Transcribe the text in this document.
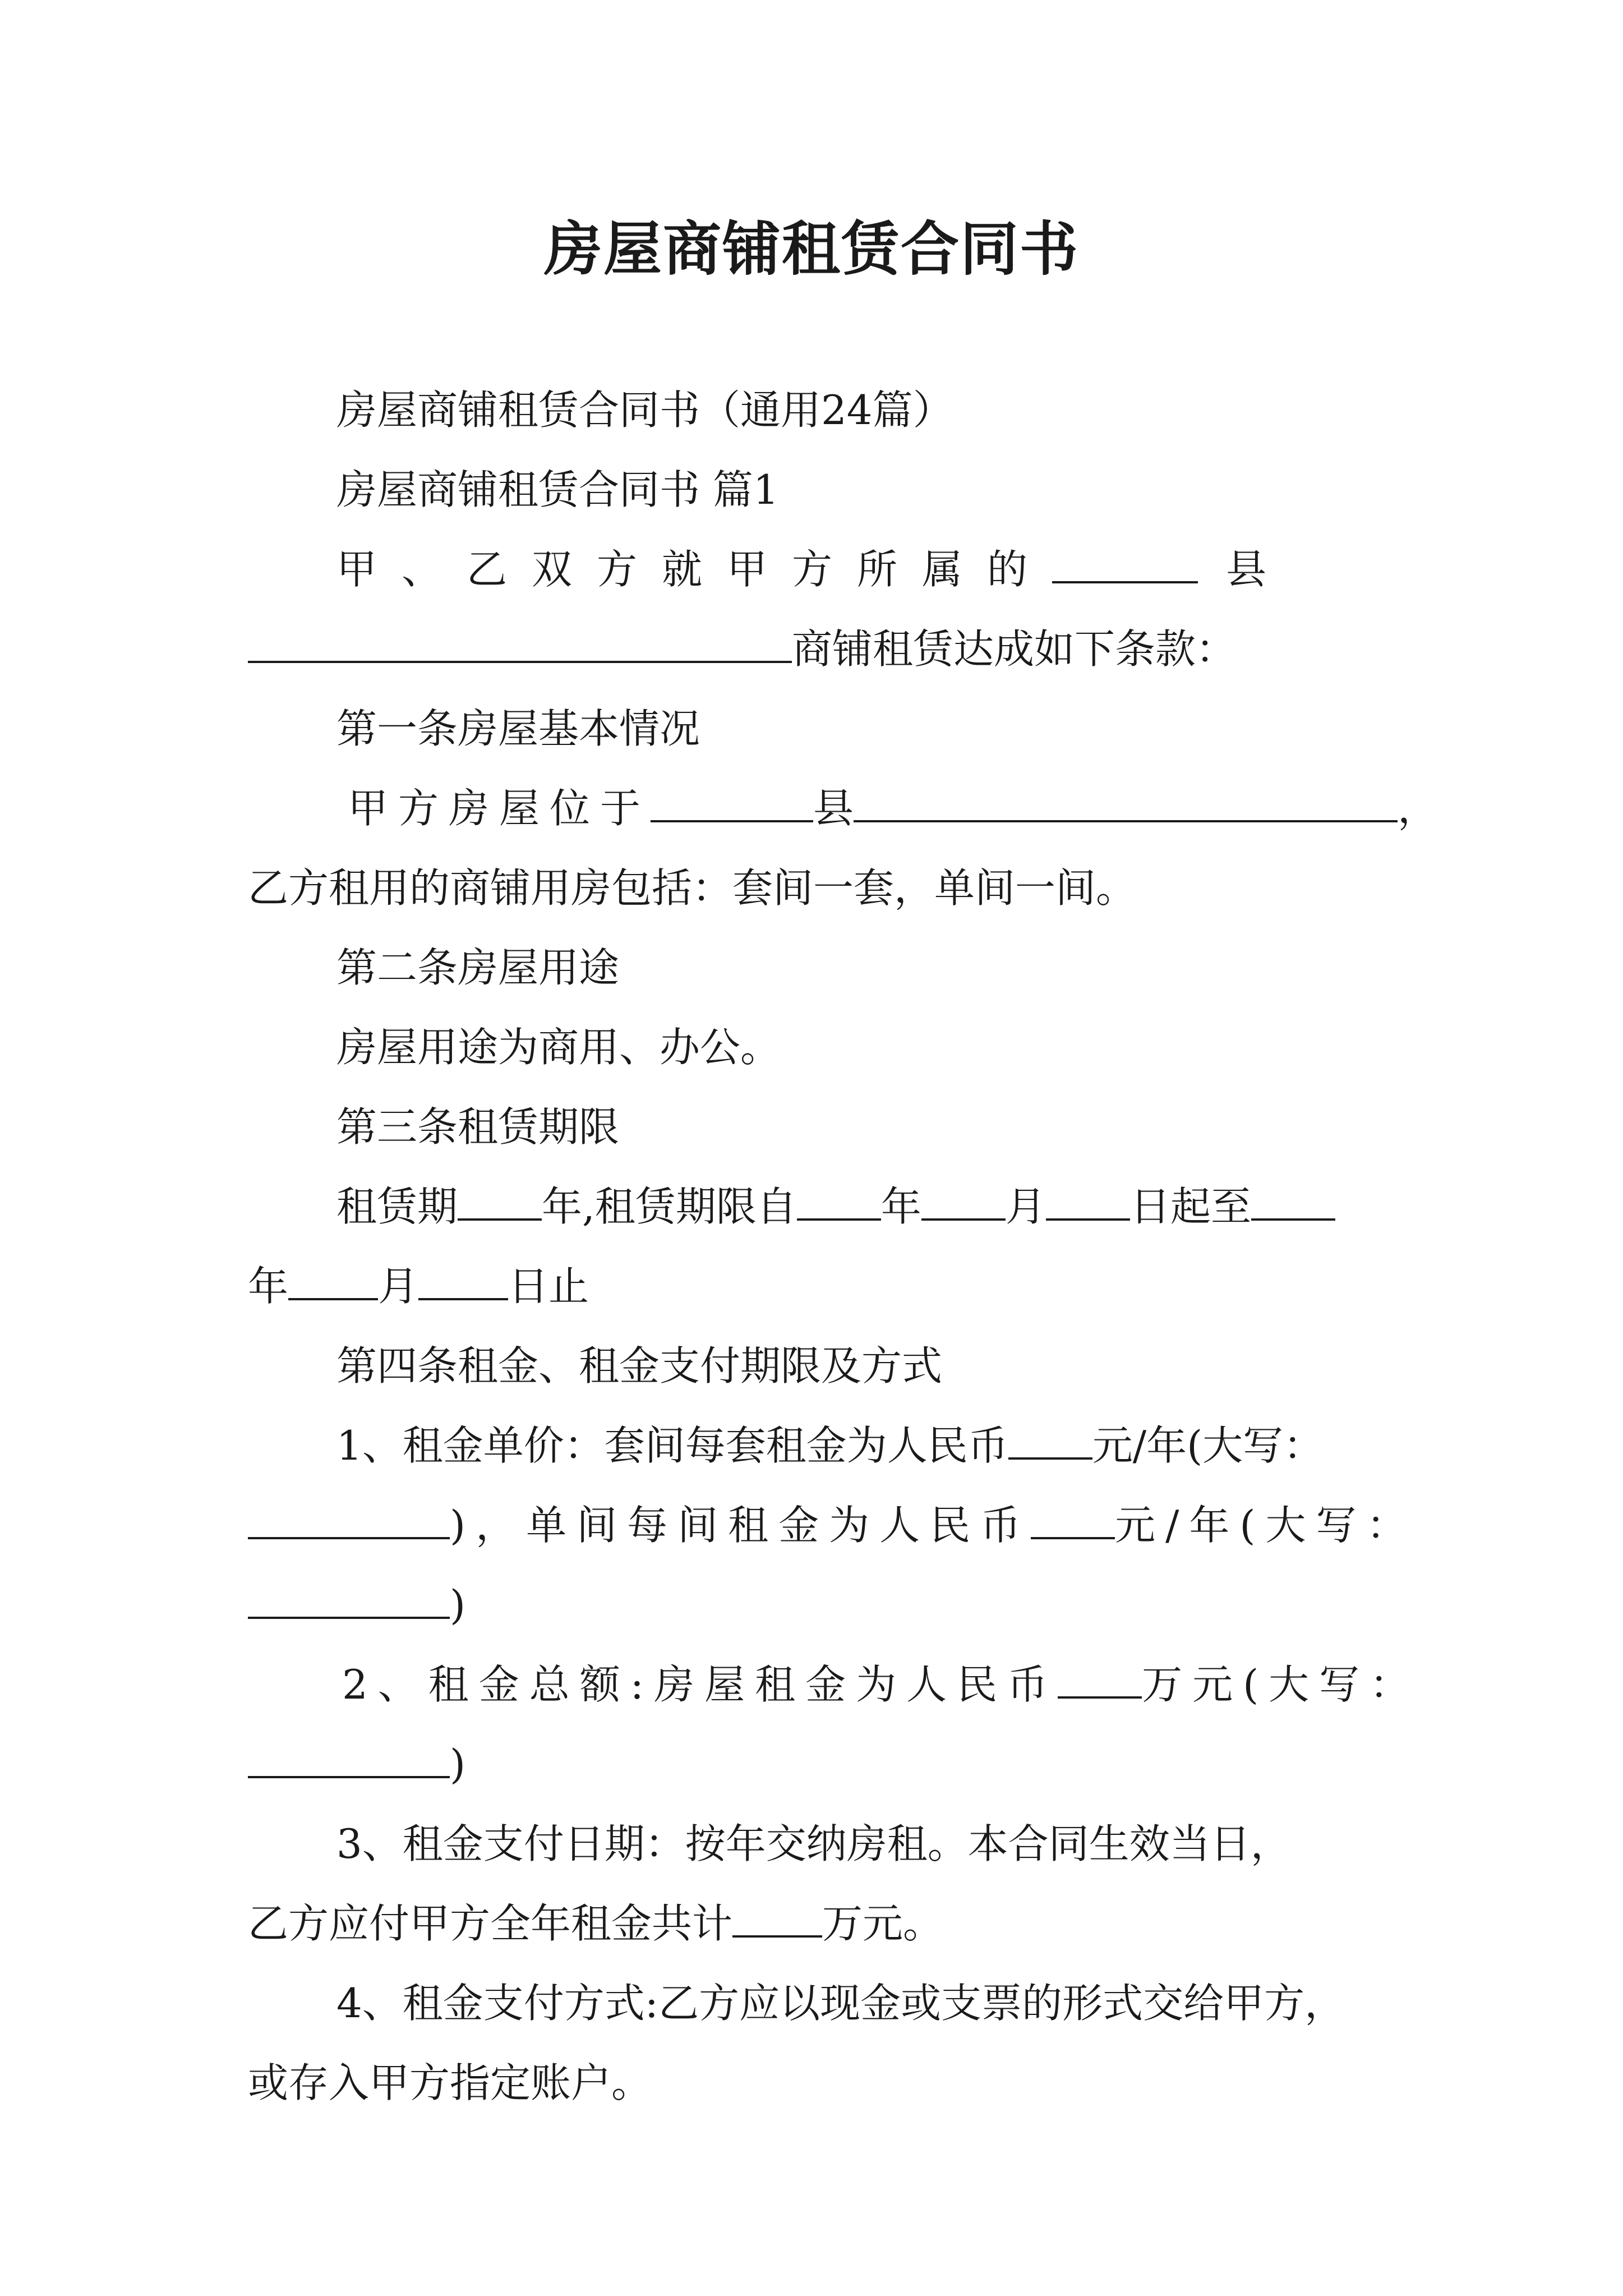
房屋商铺租赁合同书

房屋商铺租赁合同书（通用24篇）

房屋商铺租赁合同书 篇1

甲、乙双方就甲方所属的	县

商铺租赁达成如下条款：

第一条房屋基本情况

甲方房屋位于	县	，

乙方租用的商铺用房包括：套间一套，单间一间。

第二条房屋用途

房屋用途为商用、办公。

第三条租赁期限

租赁期 年,租赁期限自 年 月 日起至

年 月 日止

第四条租金、租金支付期限及方式

1、租金单价：套间每套租金为人民币 元/年(大写：

)，单间每间租金为人民币 元/年(大写：

)

2、租金总额:房屋租金为人民币 万元(大写：

)

3、租金支付日期：按年交纳房租。本合同生效当日，

乙方应付甲方全年租金共计 万元。

4、租金支付方式:乙方应以现金或支票的形式交给甲方，

或存入甲方指定账户。
